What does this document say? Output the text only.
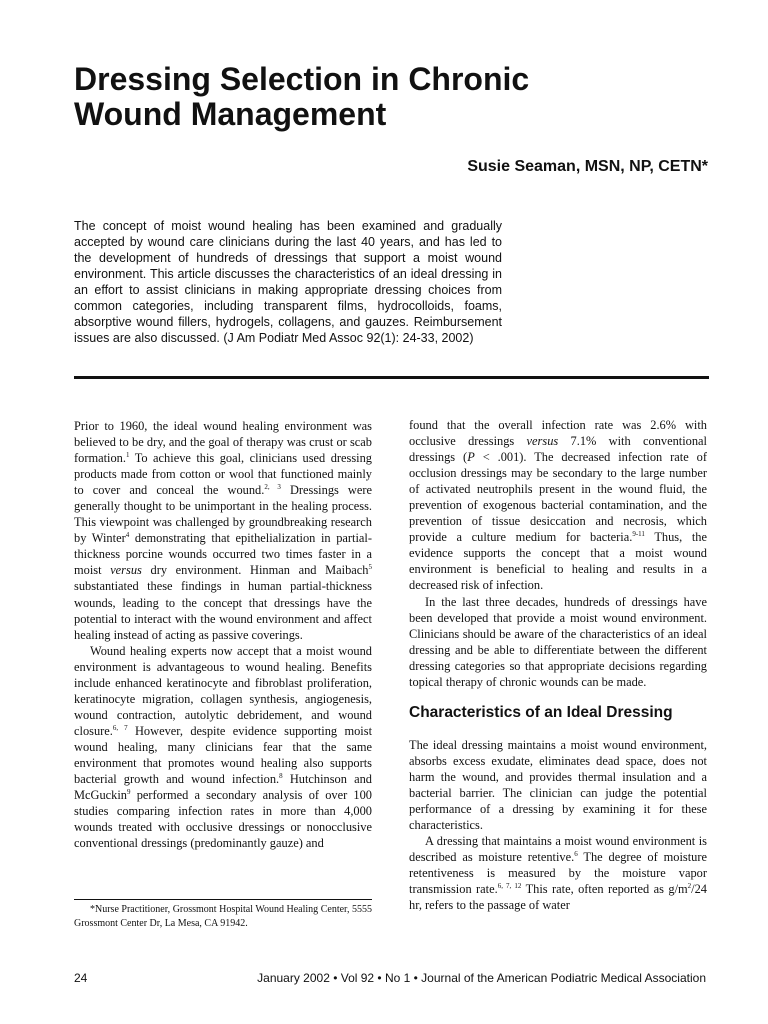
Dressing Selection in Chronic
Wound Management

Susie Seaman, MSN, NP, CETN*

The concept of moist wound healing has been examined and gradually accepted by wound care clinicians during the last 40 years, and has led to the development of hundreds of dressings that support a moist wound environment. This article discusses the characteristics of an ideal dressing in an effort to assist clinicians in making appropriate dressing choices from common categories, including transparent films, hydrocolloids, foams, absorptive wound fillers, hydrogels, collagens, and gauzes. Reimbursement issues are also discussed. (J Am Podiatr Med Assoc 92(1): 24-33, 2002)

Prior to 1960, the ideal wound healing environment was believed to be dry, and the goal of therapy was crust or scab formation.$^1$ To achieve this goal, clinicians used dressing products made from cotton or wool that functioned mainly to cover and conceal the wound.$^{2, 3}$ Dressings were generally thought to be unimportant in the healing process. This viewpoint was challenged by groundbreaking research by Winter$^4$ demonstrating that epithelialization in partial-thickness porcine wounds occurred two times faster in a moist versus dry environment. Hinman and Maibach$^5$ substantiated these findings in human partial-thickness wounds, leading to the concept that dressings have the potential to interact with the wound environment and affect healing instead of acting as passive coverings.

Wound healing experts now accept that a moist wound environment is advantageous to wound healing. Benefits include enhanced keratinocyte and fibroblast proliferation, keratinocyte migration, collagen synthesis, angiogenesis, wound contraction, autolytic debridement, and wound closure.$^{6, 7}$ However, despite evidence supporting moist wound healing, many clinicians fear that the same environment that promotes wound healing also supports bacterial growth and wound infection.$^8$ Hutchinson and McGuckin$^9$ performed a secondary analysis of over 100 studies comparing infection rates in more than 4,000 wounds treated with occlusive dressings or nonocclusive conventional dressings (predominantly gauze) and

*Nurse Practitioner, Grossmont Hospital Wound Healing Center, 5555 Grossmont Center Dr, La Mesa, CA 91942.

found that the overall infection rate was 2.6% with occlusive dressings versus 7.1% with conventional dressings (P < .001). The decreased infection rate of occlusion dressings may be secondary to the large number of activated neutrophils present in the wound fluid, the prevention of exogenous bacterial contamination, and the prevention of tissue desiccation and necrosis, which provide a culture medium for bacteria.$^{9-11}$ Thus, the evidence supports the concept that a moist wound environment is beneficial to healing and results in a decreased risk of infection.

In the last three decades, hundreds of dressings have been developed that provide a moist wound environment. Clinicians should be aware of the characteristics of an ideal dressing and be able to differentiate between the different dressing categories so that appropriate decisions regarding topical therapy of chronic wounds can be made.

Characteristics of an Ideal Dressing

The ideal dressing maintains a moist wound environment, absorbs excess exudate, eliminates dead space, does not harm the wound, and provides thermal insulation and a bacterial barrier. The clinician can judge the potential performance of a dressing by examining it for these characteristics.

A dressing that maintains a moist wound environment is described as moisture retentive.$^6$ The degree of moisture retentiveness is measured by the moisture vapor transmission rate.$^{6, 7, 12}$ This rate, often reported as $g/m^2/24$ hr, refers to the passage of water

24	January 2002 • Vol 92 • No 1 • Journal of the American Podiatric Medical Association
